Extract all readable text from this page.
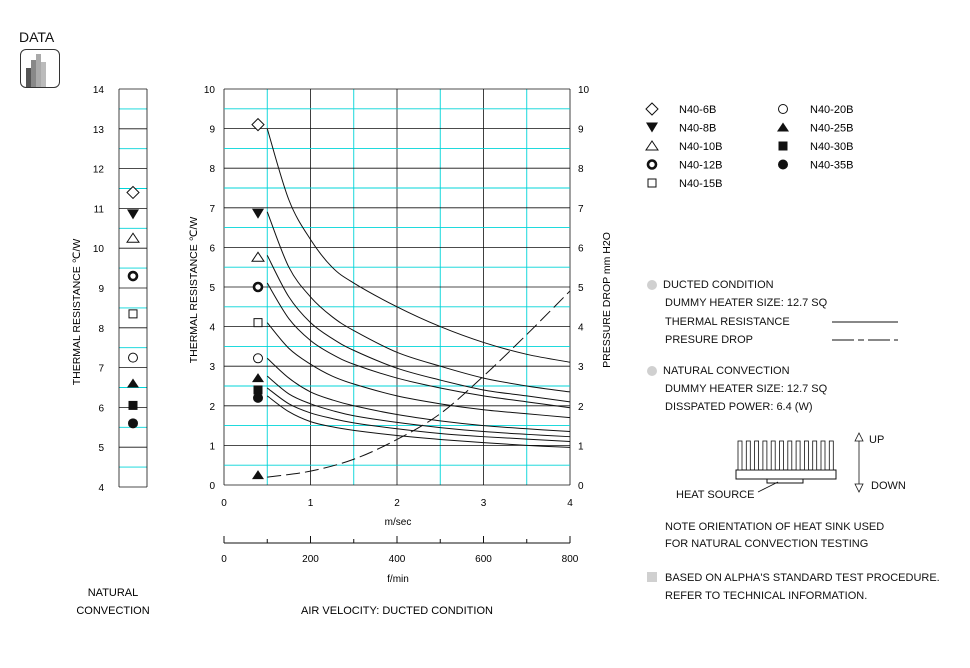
DATA
4
5
6
7
8
9
10
11
12
13
14
0	0
1	1
2	2
3	3
4	4
5	5
6	6
7	7
8	8
9	9
10	10
0	1	2	3	4
0	200	400	600	800
N40-6B
N40-8B
N40-10B
N40-12B
N40-15B
N40-20B
N40-25B
N40-30B
N40-35B
THERMAL RESISTANCE ℃/W	THERMAL RESISTANCE ℃/W	PRESSURE DROP mm H2O
m/sec
f/min
NATURAL
CONVECTION	AIR VELOCITY: DUCTED CONDITION
DUCTED CONDITION
DUMMY HEATER SIZE: 12.7 SQ
THERMAL RESISTANCE
PRESURE DROP
NATURAL CONVECTION
DUMMY HEATER SIZE: 12.7 SQ
DISSPATED POWER: 6.4 (W)
UP
DOWN
HEAT SOURCE
NOTE ORIENTATION OF HEAT SINK USED
FOR NATURAL CONVECTION TESTING
BASED ON ALPHA'S STANDARD TEST PROCEDURE.
REFER TO TECHNICAL INFORMATION.
